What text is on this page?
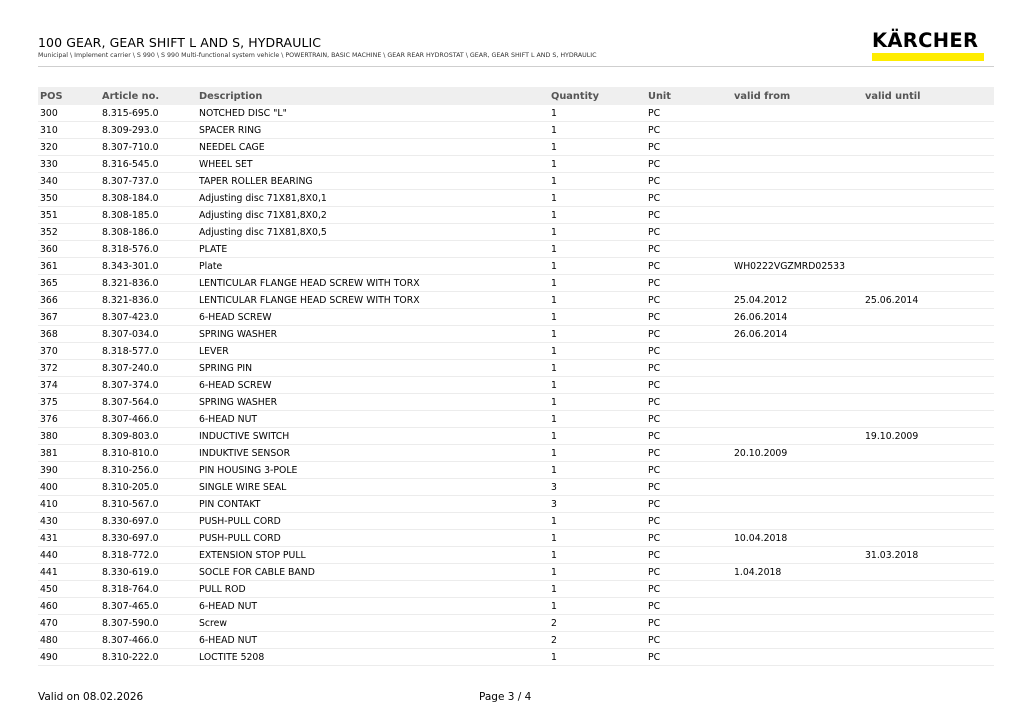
100 GEAR, GEAR SHIFT L AND S, HYDRAULIC
Municipal \ Implement carrier \ S 990 \ S 990 Multi-functional system vehicle \ POWERTRAIN, BASIC MACHINE \ GEAR REAR HYDROSTAT \ GEAR, GEAR SHIFT L AND S, HYDRAULIC
KÄRCHER
POS	Article no.	Description	Quantity	Unit	valid from	valid until
300	8.315-695.0	NOTCHED DISC "L"	1	PC		
310	8.309-293.0	SPACER RING	1	PC		
320	8.307-710.0	NEEDEL CAGE	1	PC		
330	8.316-545.0	WHEEL SET	1	PC		
340	8.307-737.0	TAPER ROLLER BEARING	1	PC		
350	8.308-184.0	Adjusting disc 71X81,8X0,1	1	PC		
351	8.308-185.0	Adjusting disc 71X81,8X0,2	1	PC		
352	8.308-186.0	Adjusting disc 71X81,8X0,5	1	PC		
360	8.318-576.0	PLATE	1	PC		
361	8.343-301.0	Plate	1	PC	WH0222VGZMRD02533	
365	8.321-836.0	LENTICULAR FLANGE HEAD SCREW WITH TORX	1	PC		
366	8.321-836.0	LENTICULAR FLANGE HEAD SCREW WITH TORX	1	PC	25.04.2012	25.06.2014
367	8.307-423.0	6-HEAD SCREW	1	PC	26.06.2014	
368	8.307-034.0	SPRING WASHER	1	PC	26.06.2014	
370	8.318-577.0	LEVER	1	PC		
372	8.307-240.0	SPRING PIN	1	PC		
374	8.307-374.0	6-HEAD SCREW	1	PC		
375	8.307-564.0	SPRING WASHER	1	PC		
376	8.307-466.0	6-HEAD NUT	1	PC		
380	8.309-803.0	INDUCTIVE SWITCH	1	PC		19.10.2009
381	8.310-810.0	INDUKTIVE SENSOR	1	PC	20.10.2009	
390	8.310-256.0	PIN HOUSING 3-POLE	1	PC		
400	8.310-205.0	SINGLE WIRE SEAL	3	PC		
410	8.310-567.0	PIN CONTAKT	3	PC		
430	8.330-697.0	PUSH-PULL CORD	1	PC		
431	8.330-697.0	PUSH-PULL CORD	1	PC	10.04.2018	
440	8.318-772.0	EXTENSION STOP PULL	1	PC		31.03.2018
441	8.330-619.0	SOCLE FOR CABLE BAND	1	PC	1.04.2018	
450	8.318-764.0	PULL ROD	1	PC		
460	8.307-465.0	6-HEAD NUT	1	PC		
470	8.307-590.0	Screw	2	PC		
480	8.307-466.0	6-HEAD NUT	2	PC		
490	8.310-222.0	LOCTITE 5208	1	PC		
Valid on 08.02.2026	Page 3 / 4
